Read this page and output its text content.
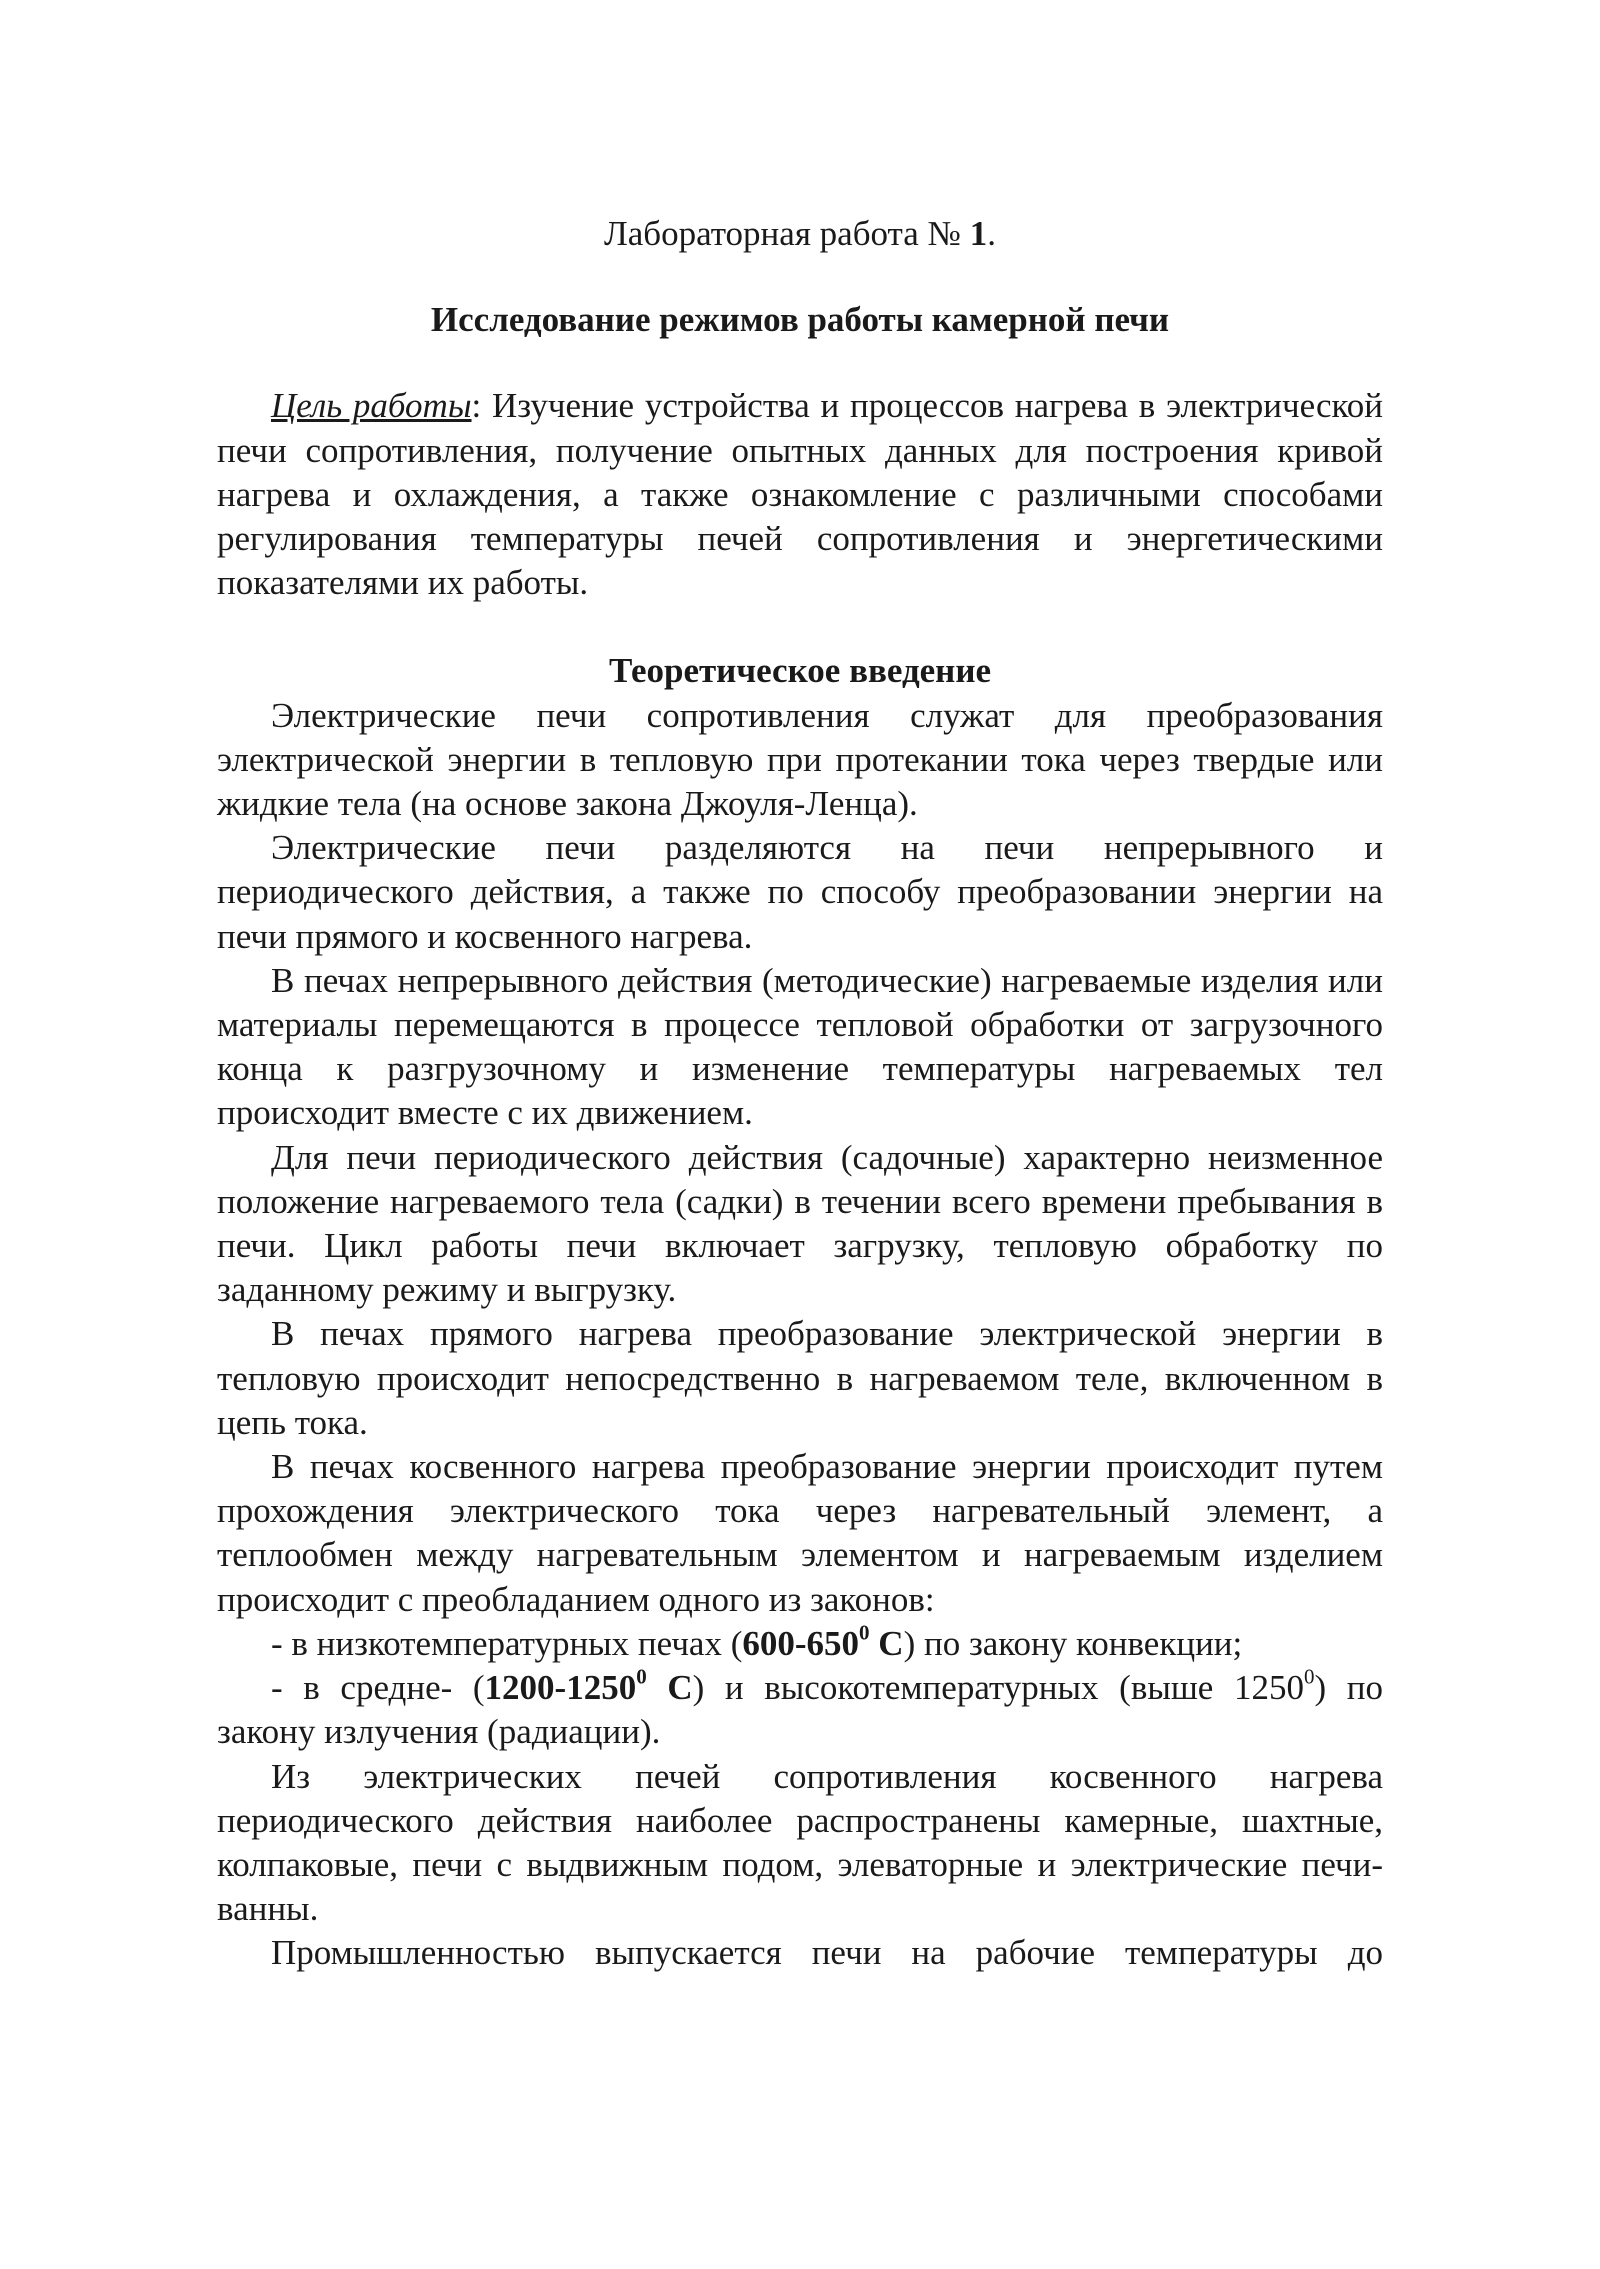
Лабораторная работа № 1.
Исследование режимов работы камерной печи

Цель работы: Изучение устройства и процессов нагрева в электрической печи сопротивления, получение опытных данных для построения кривой нагрева и охлаждения, а также ознакомление с различными способами регулирования температуры печей сопротивления и энергетическими показателями их работы.

Теоретическое введение

Электрические печи сопротивления служат для преобразования электрической энергии в тепловую при протекании тока через твердые или жидкие тела (на основе закона Джоуля-Ленца).

Электрические печи разделяются на печи непрерывного и периодического действия, а также по способу преобразовании энергии на печи прямого и косвенного нагрева.

В печах непрерывного действия (методические) нагреваемые изделия или материалы перемещаются в процессе тепловой обработки от загрузочного конца к разгрузочному и изменение температуры нагреваемых тел происходит вместе с их движением.

Для печи периодического действия (садочные) характерно неизменное положение нагреваемого тела (садки) в течении всего времени пребывания в печи. Цикл работы печи включает загрузку, тепловую обработку по заданному режиму и выгрузку.

В печах прямого нагрева преобразование электрической энергии в тепловую происходит непосредственно в нагреваемом теле, включенном в цепь тока.

В печах косвенного нагрева преобразование энергии происходит путем прохождения электрического тока через нагревательный элемент, а теплообмен между нагревательным элементом и нагреваемым изделием происходит с преобладанием одного из законов:

- в низкотемпературных печах ($600-650^0$ С) по закону конвекции;

- в средне- (1200-1250$^0$ С) и высокотемпературных (выше 1250$^0$) по закону излучения (радиации).

Из электрических печей сопротивления косвенного нагрева периодического действия наиболее распространены камерные, шахтные, колпаковые, печи с выдвижным подом, элеваторные и электрические печи-ванны.

Промышленностью выпускается печи на рабочие температуры до
